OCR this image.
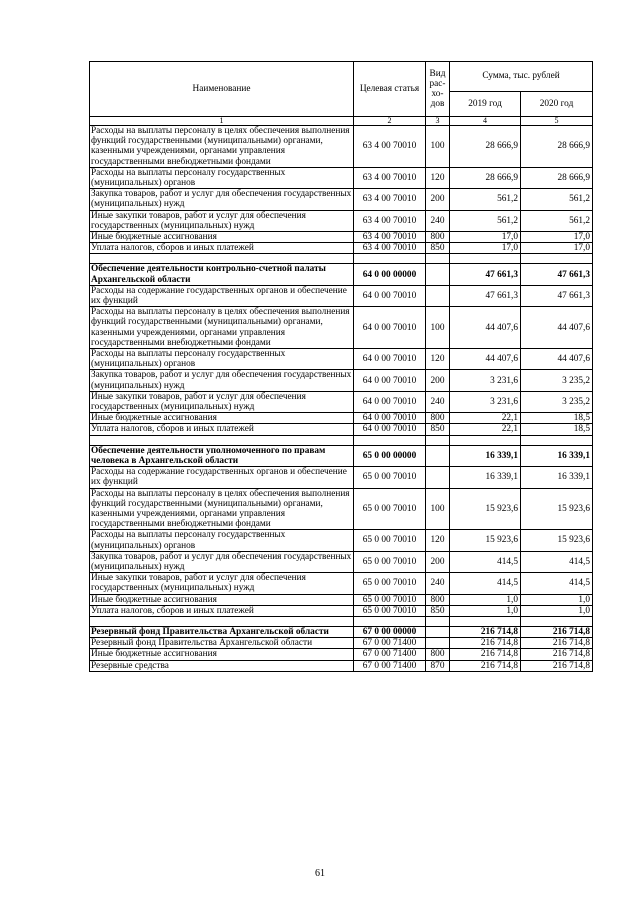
Наименование	Целевая статья	Вид рас-хо-дов	Сумма, тыс. рублей	
			2019 год	2020 год
1	2	3	4	5
Расходы на выплаты персоналу в целях обеспечения выполнения функций государственными (муниципальными) органами, казенными учреждениями, органами управления государственными внебюджетными фондами	63 4 00 70010	100	28 666,9	28 666,9
Расходы на выплаты персоналу государственных (муниципальных) органов	63 4 00 70010	120	28 666,9	28 666,9
Закупка товаров, работ и услуг для обеспечения государственных (муниципальных) нужд	63 4 00 70010	200	561,2	561,2
Иные закупки товаров, работ и услуг для обеспечения государственных (муниципальных) нужд	63 4 00 70010	240	561,2	561,2
Иные бюджетные ассигнования	63 4 00 70010	800	17,0	17,0
Уплата налогов, сборов и иных платежей	63 4 00 70010	850	17,0	17,0

Обеспечение деятельности контрольно-счетной палаты Архангельской области	64 0 00 00000		47 661,3	47 661,3
Расходы на содержание государственных органов и обеспечение их функций	64 0 00 70010		47 661,3	47 661,3
Расходы на выплаты персоналу в целях обеспечения выполнения функций государственными (муниципальными) органами, казенными учреждениями, органами управления государственными внебюджетными фондами	64 0 00 70010	100	44 407,6	44 407,6
Расходы на выплаты персоналу государственных (муниципальных) органов	64 0 00 70010	120	44 407,6	44 407,6
Закупка товаров, работ и услуг для обеспечения государственных (муниципальных) нужд	64 0 00 70010	200	3 231,6	3 235,2
Иные закупки товаров, работ и услуг для обеспечения государственных (муниципальных) нужд	64 0 00 70010	240	3 231,6	3 235,2
Иные бюджетные ассигнования	64 0 00 70010	800	22,1	18,5
Уплата налогов, сборов и иных платежей	64 0 00 70010	850	22,1	18,5

Обеспечение деятельности уполномоченного по правам человека в Архангельской области	65 0 00 00000		16 339,1	16 339,1
Расходы на содержание государственных органов и обеспечение их функций	65 0 00 70010		16 339,1	16 339,1
Расходы на выплаты персоналу в целях обеспечения выполнения функций государственными (муниципальными) органами, казенными учреждениями, органами управления государственными внебюджетными фондами	65 0 00 70010	100	15 923,6	15 923,6
Расходы на выплаты персоналу государственных (муниципальных) органов	65 0 00 70010	120	15 923,6	15 923,6
Закупка товаров, работ и услуг для обеспечения государственных (муниципальных) нужд	65 0 00 70010	200	414,5	414,5
Иные закупки товаров, работ и услуг для обеспечения государственных (муниципальных) нужд	65 0 00 70010	240	414,5	414,5
Иные бюджетные ассигнования	65 0 00 70010	800	1,0	1,0
Уплата налогов, сборов и иных платежей	65 0 00 70010	850	1,0	1,0

Резервный фонд Правительства Архангельской области	67 0 00 00000		216 714,8	216 714,8
Резервный фонд Правительства Архангельской области	67 0 00 71400		216 714,8	216 714,8
Иные бюджетные ассигнования	67 0 00 71400	800	216 714,8	216 714,8
Резервные средства	67 0 00 71400	870	216 714,8	216 714,8
61
